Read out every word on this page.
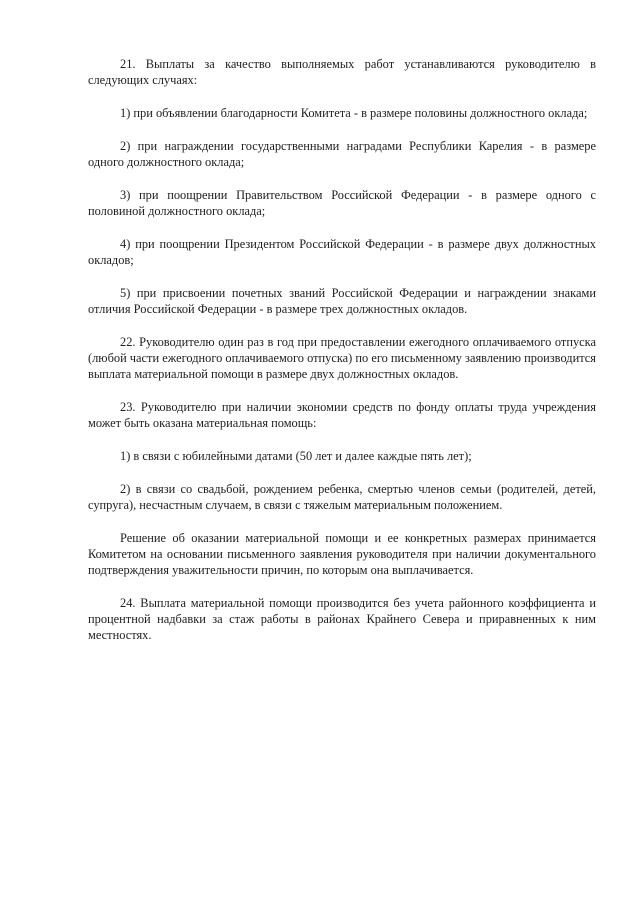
21. Выплаты за качество выполняемых работ устанавливаются руководителю в следующих случаях:

1) при объявлении благодарности Комитета - в размере половины должностного оклада;

2) при награждении государственными наградами Республики Карелия - в размере одного должностного оклада;

3) при поощрении Правительством Российской Федерации - в размере одного с половиной должностного оклада;

4) при поощрении Президентом Российской Федерации - в размере двух должностных окладов;

5) при присвоении почетных званий Российской Федерации и награждении знаками отличия Российской Федерации - в размере трех должностных окладов.

22. Руководителю один раз в год при предоставлении ежегодного оплачиваемого отпуска (любой части ежегодного оплачиваемого отпуска) по его письменному заявлению производится выплата материальной помощи в размере двух должностных окладов.

23. Руководителю при наличии экономии средств по фонду оплаты труда учреждения может быть оказана материальная помощь:

1) в связи с юбилейными датами (50 лет и далее каждые пять лет);

2) в связи со свадьбой, рождением ребенка, смертью членов семьи (родителей, детей, супруга), несчастным случаем, в связи с тяжелым материальным положением.

Решение об оказании материальной помощи и ее конкретных размерах принимается Комитетом на основании письменного заявления руководителя при наличии документального подтверждения уважительности причин, по которым она выплачивается.

24. Выплата материальной помощи производится без учета районного коэффициента и процентной надбавки за стаж работы в районах Крайнего Севера и приравненных к ним местностях.
